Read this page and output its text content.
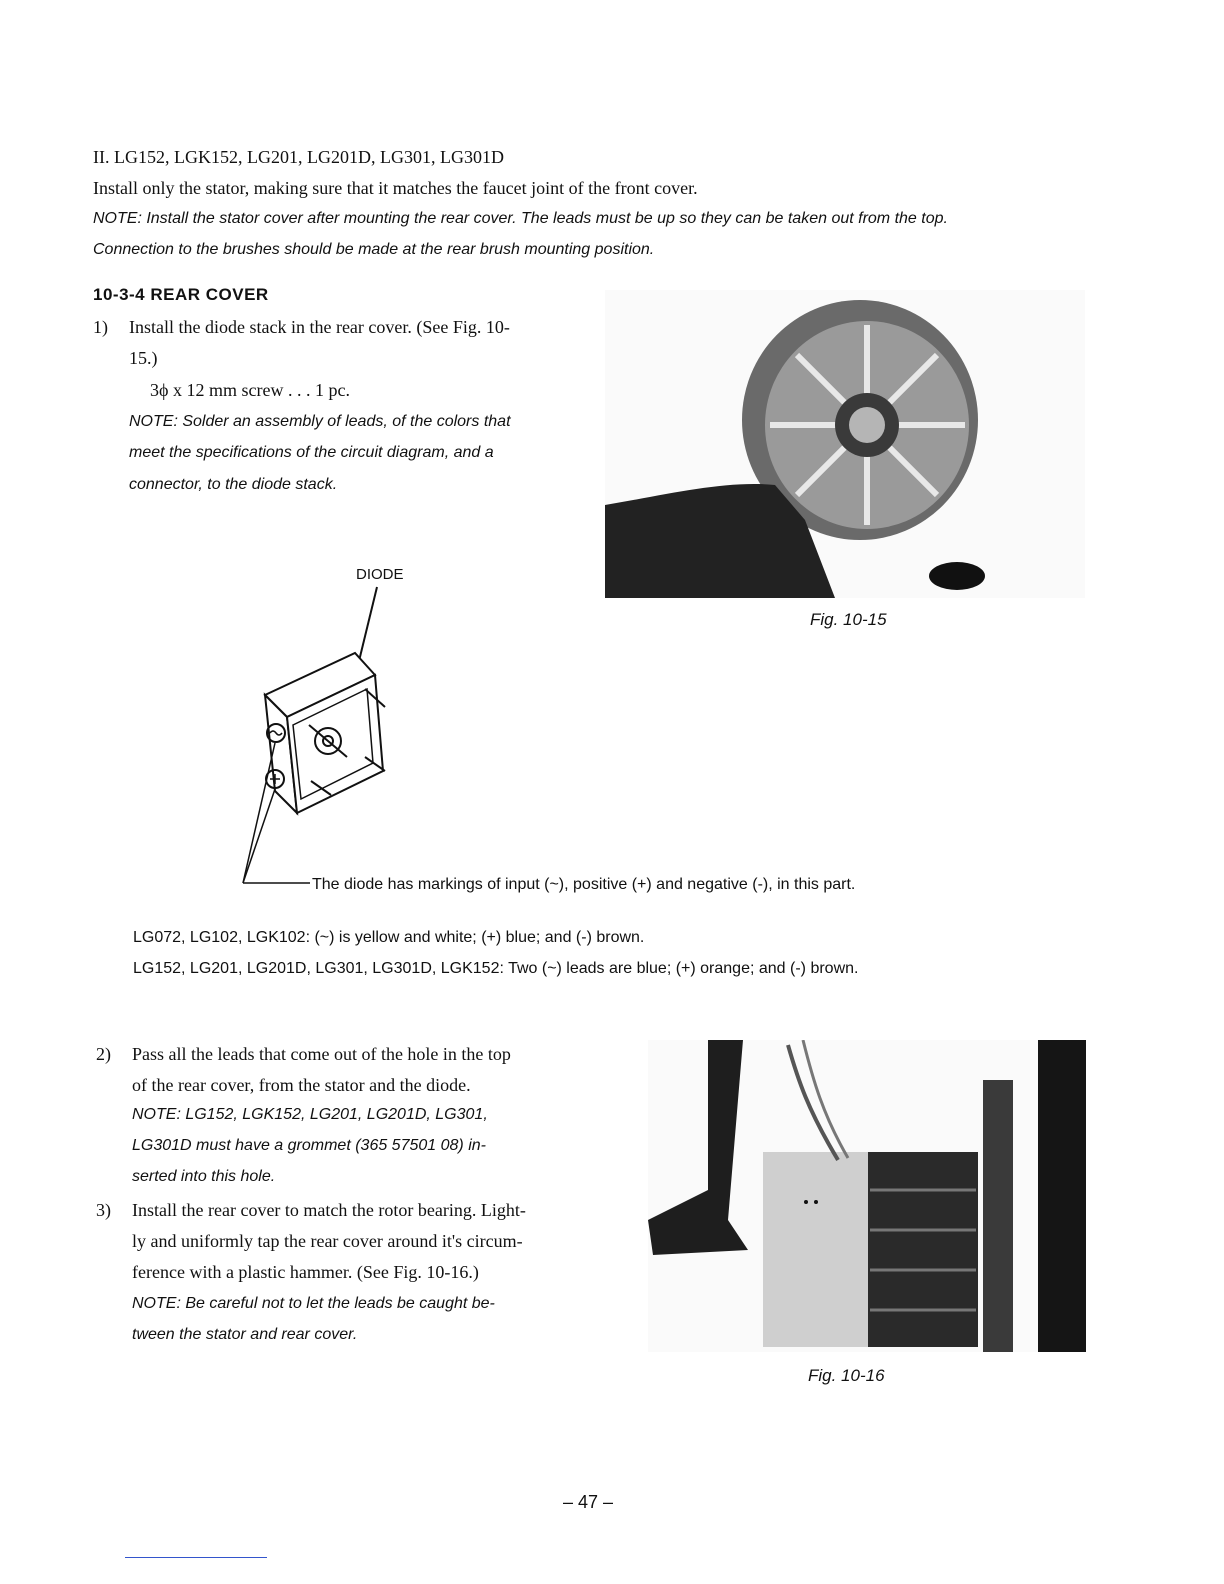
II. LG152, LGK152, LG201, LG201D, LG301, LG301D
Install only the stator, making sure that it matches the faucet joint of the front cover.
NOTE: Install the stator cover after mounting the rear cover. The leads must be up so they can be taken out from the top.
Connection to the brushes should be made at the rear brush mounting position.
10-3-4 REAR COVER
1) Install the diode stack in the rear cover. (See Fig. 10-
15.)
3ϕ x 12 mm screw . . . 1 pc.
NOTE: Solder an assembly of leads, of the colors that
meet the specifications of the circuit diagram, and a
connector, to the diode stack.
Fig. 10-15
DIODE
The diode has markings of input (~), positive (+) and negative (-), in this part.
LG072, LG102, LGK102: (~) is yellow and white; (+) blue; and (-) brown.
LG152, LG201, LG201D, LG301, LG301D, LGK152: Two (~) leads are blue; (+) orange; and (-) brown.
2) Pass all the leads that come out of the hole in the top
of the rear cover, from the stator and the diode.
NOTE: LG152, LGK152, LG201, LG201D, LG301,
LG301D must have a grommet (365 57501 08) in-
serted into this hole.
3) Install the rear cover to match the rotor bearing. Light-
ly and uniformly tap the rear cover around it's circum-
ference with a plastic hammer. (See Fig. 10-16.)
NOTE: Be careful not to let the leads be caught be-
tween the stator and rear cover.
Fig. 10-16
– 47 –
